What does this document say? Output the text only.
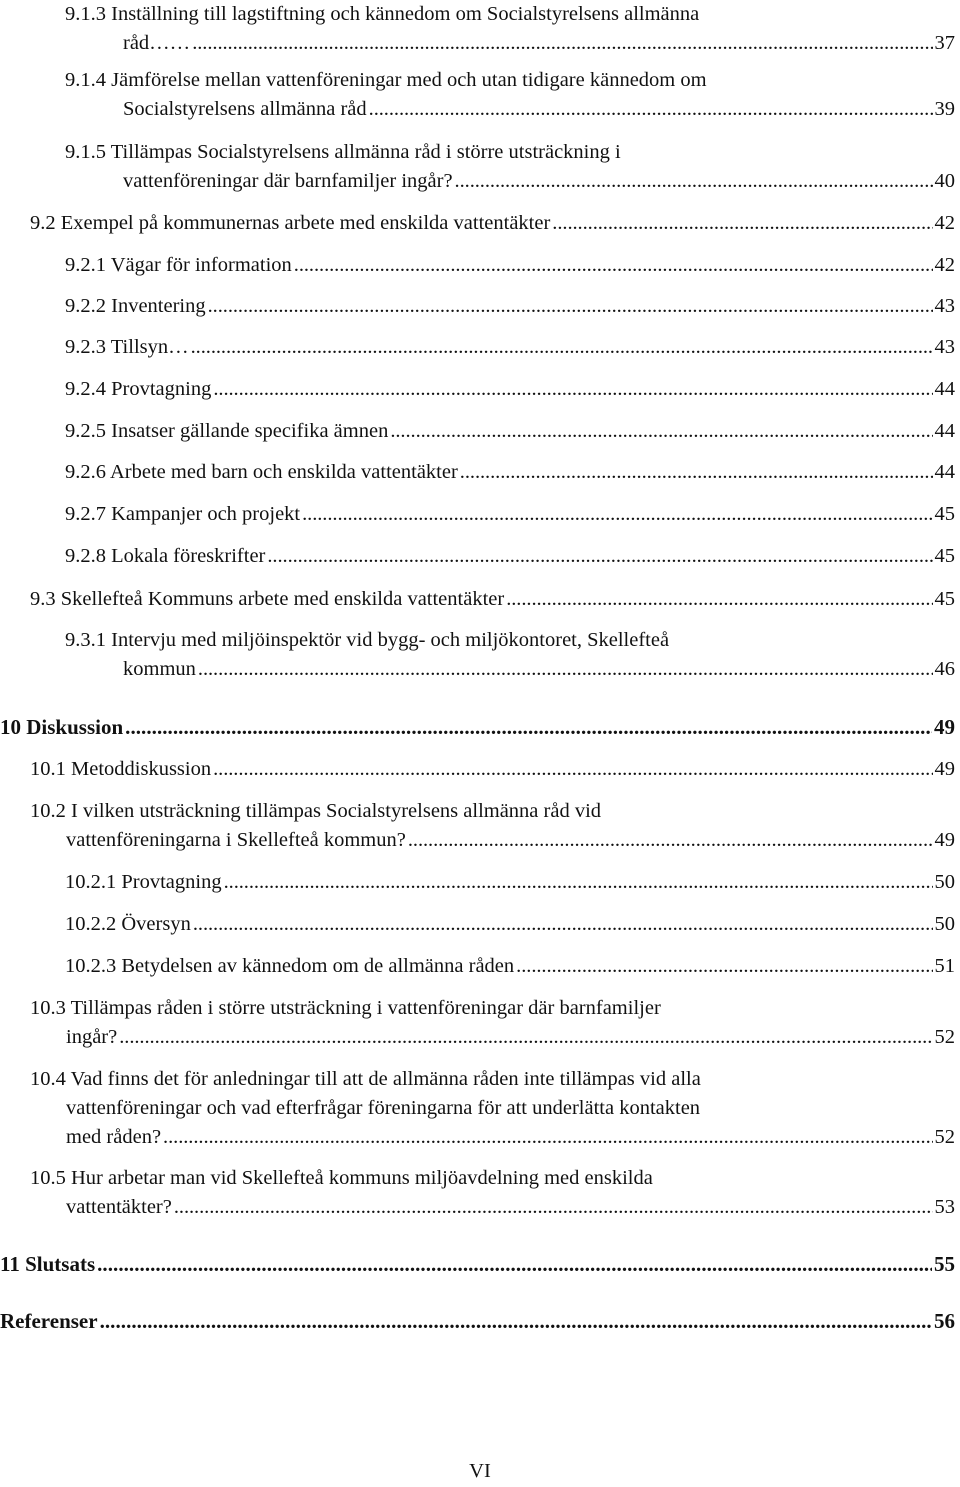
9.1.3 Inställning till lagstiftning och kännedom om Socialstyrelsens allmänna
råd…… . . .	37
9.1.4 Jämförelse mellan vattenföreningar med och utan tidigare kännedom om
Socialstyrelsens allmänna råd . . .	39
9.1.5 Tillämpas Socialstyrelsens allmänna råd i större utsträckning i
vattenföreningar där barnfamiljer ingår? . . .	40
9.2 Exempel på kommunernas arbete med enskilda vattentäkter . . .	42
9.2.1 Vägar för information . . .	42
9.2.2 Inventering . . .	43
9.2.3 Tillsyn… . . .	43
9.2.4 Provtagning . . .	44
9.2.5 Insatser gällande specifika ämnen . . .	44
9.2.6 Arbete med barn och enskilda vattentäkter . . .	44
9.2.7 Kampanjer och projekt . . .	45
9.2.8 Lokala föreskrifter . . .	45
9.3 Skellefteå Kommuns arbete med enskilda vattentäkter . . .	45
9.3.1 Intervju med miljöinspektör vid bygg- och miljökontoret, Skellefteå
kommun . . .	46
10 Diskussion . . .	49
10.1 Metoddiskussion . . .	49
10.2 I vilken utsträckning tillämpas Socialstyrelsens allmänna råd vid
vattenföreningarna i Skellefteå kommun? . . .	49
10.2.1 Provtagning . . .	50
10.2.2 Översyn . . .	50
10.2.3 Betydelsen av kännedom om de allmänna råden . . .	51
10.3 Tillämpas råden i större utsträckning i vattenföreningar där barnfamiljer
ingår? . . .	52
10.4 Vad finns det för anledningar till att de allmänna råden inte tillämpas vid alla
vattenföreningar och vad efterfrågar föreningarna för att underlätta kontakten
med råden? . . .	52
10.5 Hur arbetar man vid Skellefteå kommuns miljöavdelning med enskilda
vattentäkter? . . .	53
11 Slutsats . . .	55
Referenser . . .	56
VI
